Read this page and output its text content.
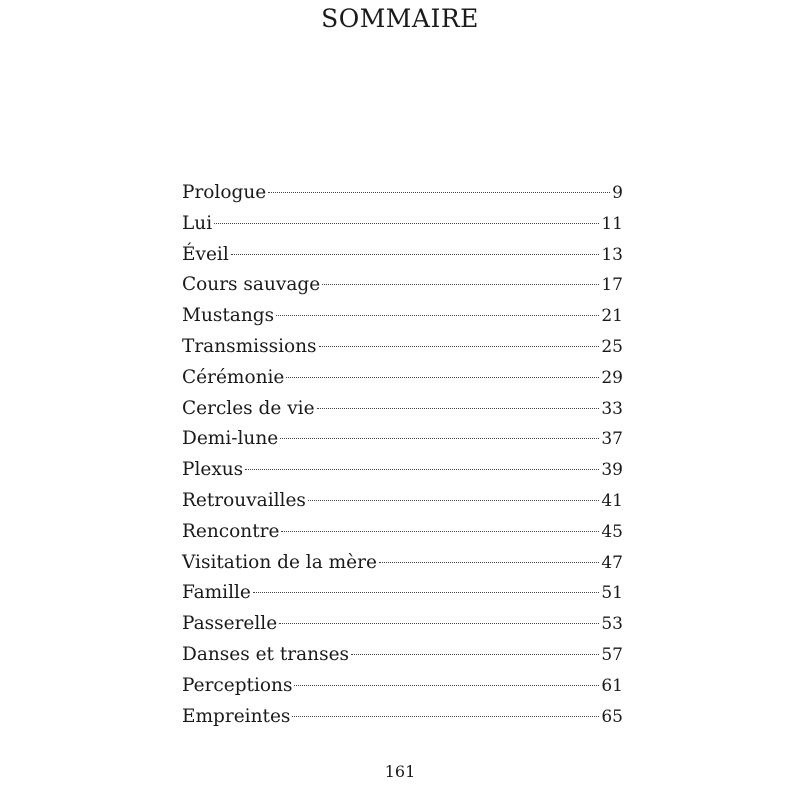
SOMMAIRE
Prologue	9
Lui	11
Éveil	13
Cours sauvage	17
Mustangs	21
Transmissions	25
Cérémonie	29
Cercles de vie	33
Demi-lune	37
Plexus	39
Retrouvailles	41
Rencontre	45
Visitation de la mère	47
Famille	51
Passerelle	53
Danses et transes	57
Perceptions	61
Empreintes	65
161
